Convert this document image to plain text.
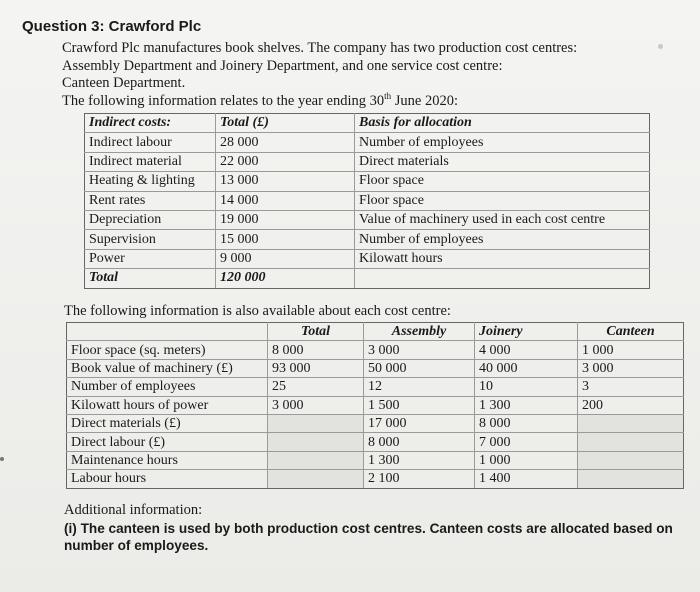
Question 3: Crawford Plc
Crawford Plc manufactures book shelves. The company has two production cost centres:
Assembly Department and Joinery Department, and one service cost centre:
Canteen Department.
The following information relates to the year ending 30th June 2020:
Indirect costs:	Total (£)	Basis for allocation
Indirect labour	28 000	Number of employees
Indirect material	22 000	Direct materials
Heating & lighting	13 000	Floor space
Rent rates	14 000	Floor space
Depreciation	19 000	Value of machinery used in each cost centre
Supervision	15 000	Number of employees
Power	9 000	Kilowatt hours
Total	120 000	
The following information is also available about each cost centre:
	Total	Assembly	Joinery	Canteen
Floor space (sq. meters)	8 000	3 000	4 000	1 000
Book value of machinery (£)	93 000	50 000	40 000	3 000
Number of employees	25	12	10	3
Kilowatt hours of power	3 000	1 500	1 300	200
Direct materials (£)		17 000	8 000	
Direct labour (£)		8 000	7 000	
Maintenance hours		1 300	1 000	
Labour hours		2 100	1 400	
Additional information:
(i) The canteen is used by both production cost centres. Canteen costs are allocated based on
number of employees.
